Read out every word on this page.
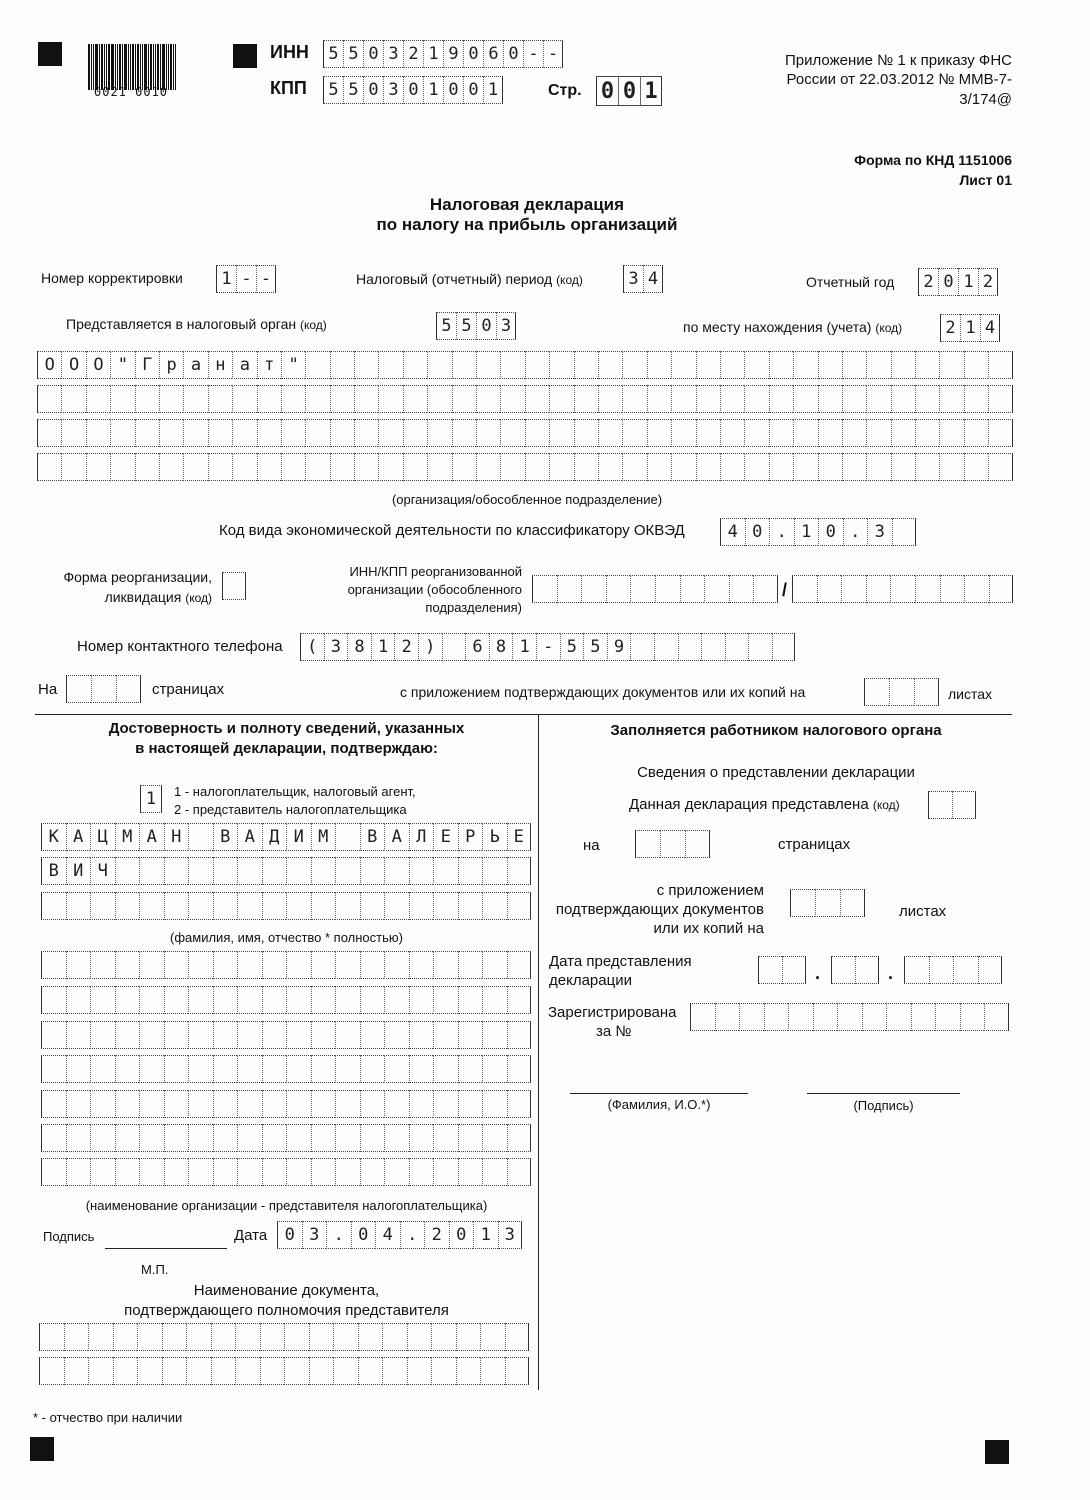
0021 0010
ИНН	5 5 0 3 2 1 9 0 6 0 - -
КПП	5 5 0 3 0 1 0 0 1	Стр. 0 0 1
Приложение № 1 к приказу ФНС
России от 22.03.2012 № ММВ-7-
3/174@
Форма по КНД 1151006
Лист 01
Налоговая декларация
по налогу на прибыль организаций
Номер корректировки	1 - -	Налоговый (отчетный) период (код)	3 4	Отчетный год	2 0 1 2
Представляется в налоговый орган (код)	5 5 0 3	по месту нахождения (учета) (код)	2 1 4
О О О " Г р а н а т "
(организация/обособленное подразделение)
Код вида экономической деятельности по классификатору ОКВЭД	4 0 . 1 0 . 3
Форма реорганизации,
ликвидация (код)
ИНН/КПП реорганизованной
организации (обособленного
подразделения)
/
Номер контактного телефона	( 3 8 1 2 )	6 8 1 - 5 5 9
На	страницах	с приложением подтверждающих документов или их копий на	листах
Достоверность и полноту сведений, указанных
в настоящей декларации, подтверждаю:
1	1 - налогоплательщик, налоговый агент,
2 - представитель налогоплательщика
К А Ц М А Н	В А Д И М	В А Л Е Р Ь Е
В И Ч
(фамилия, имя, отчество * полностью)
(наименование организации - представителя налогоплательщика)
Подпись	Дата	0 3 . 0 4 . 2 0 1 3
М.П.
Наименование документа,
подтверждающего полномочия представителя
Заполняется работником налогового органа
Сведения о представлении декларации
Данная декларация представлена (код)
на	страницах
с приложением
подтверждающих документов
или их копий на
листах
Дата представления
декларации	.	.
Зарегистрирована
за №
(Фамилия, И.О.*)	(Подпись)
* - отчество при наличии
